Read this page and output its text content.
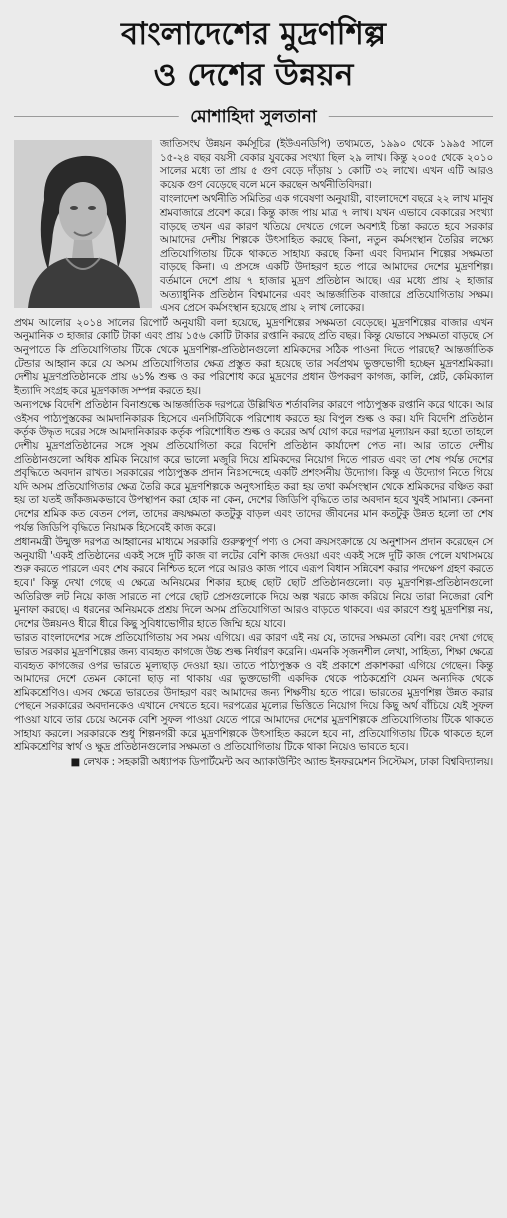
বাংলাদেশের মুদ্রণশিল্প
ও দেশের উন্নয়ন

মোশাহিদা সুলতানা

জাতিসংঘ উন্নয়ন কর্মসূচির (ইউএনডিপি) তথ্যমতে, ১৯৯০ থেকে ১৯৯৫ সালে ১৫-২৪ বছর বয়সী বেকার যুবকের সংখ্যা ছিল ২৯ লাখ। কিন্তু ২০০৫ থেকে ২০১০ সালের মধ্যে তা প্রায় ৫ গুণ বেড়ে দাঁড়ায় ১ কোটি ৩২ লাখে। এখন এটি আরও কয়েক গুণ বেড়েছে বলে মনে করছেন অর্থনীতিবিদরা।

বাংলাদেশ অর্থনীতি সমিতির এক গবেষণা অনুযায়ী, বাংলাদেশে বছরে ২২ লাখ মানুষ শ্রমবাজারে প্রবেশ করে। কিন্তু কাজ পায় মাত্র ৭ লাখ। যখন এভাবে বেকারের সংখ্যা বাড়ছে তখন এর কারণ খতিয়ে দেখতে গেলে অবশ্যই চিন্তা করতে হবে সরকার আমাদের দেশীয় শিল্পকে উৎসাহিত করছে কিনা, নতুন কর্মসংস্থান তৈরির লক্ষ্যে প্রতিযোগিতায় টিকে থাকতে সাহায্য করছে কিনা এবং বিদ্যমান শিল্পের সক্ষমতা বাড়ছে কিনা। এ প্রসঙ্গে একটি উদাহরণ হতে পারে আমাদের দেশের মুদ্রণশিল্প। বর্তমানে দেশে প্রায় ৭ হাজার মুদ্রণ প্রতিষ্ঠান আছে। এর মধ্যে প্রায় ২ হাজার অত্যাধুনিক প্রতিষ্ঠান বিশ্বমানের এবং আন্তর্জাতিক বাজারে প্রতিযোগিতায় সক্ষম। এসব প্রেসে কর্মসংস্থান হয়েছে প্রায় ২ লাখ লোকের।

প্রথম আলোর ২০১৪ সালের রিপোর্ট অনুযায়ী বলা হয়েছে, মুদ্রণশিল্পের সক্ষমতা বেড়েছে। মুদ্রণশিল্পের বাজার এখন অনুমানিক ৩ হাজার কোটি টাকা এবং প্রায় ১৫৬ কোটি টাকার রপ্তানি করছে প্রতি বছর। কিন্তু যেভাবে সক্ষমতা বাড়ছে সে অনুপাতে কি প্রতিযোগিতায় টিকে থেকে মুদ্রণশিল্প-প্রতিষ্ঠানগুলো শ্রমিকদের সঠিক পাওনা দিতে পারছে? আন্তর্জাতিক টেন্ডার আহ্বান করে যে অসম প্রতিযোগিতার ক্ষেত্র প্রস্তুত করা হয়েছে তার সর্বপ্রথম ভুক্তভোগী হচ্ছেন মুদ্রণশ্রমিকরা। দেশীয় মুদ্রণপ্রতিষ্ঠানকে প্রায় ৬১% শুল্ক ও কর পরিশোধ করে মুদ্রণের প্রধান উপকরণ কাগজ, কালি, প্লেট, কেমিক্যাল ইত্যাদি সংগ্রহ করে মুদ্রণকাজ সম্পন্ন করতে হয়।

অন্যপক্ষে বিদেশি প্রতিষ্ঠান বিনাশুল্কে আন্তর্জাতিক দরপত্রে উল্লিখিত শর্তাবলির কারণে পাঠ্যপুস্তক রপ্তানি করে থাকে। আর ওইসব পাঠ্যপুস্তকের আমদানিকারক হিসেবে এনসিটিবিকে পরিশোধ করতে হয় বিপুল শুল্ক ও কর। যদি বিদেশি প্রতিষ্ঠান কর্তৃক উদ্ধৃত দরের সঙ্গে আমদানিকারক কর্তৃক পরিশোধিত শুল্ক ও করের অর্থ যোগ করে দরপত্র মূল্যায়ন করা হতো তাহলে দেশীয় মুদ্রণপ্রতিষ্ঠানের সঙ্গে সুষম প্রতিযোগিতা করে বিদেশি প্রতিষ্ঠান কার্যাদেশ পেত না। আর তাতে দেশীয় প্রতিষ্ঠানগুলো অধিক শ্রমিক নিয়োগ করে ভালো মজুরি দিয়ে শ্রমিকদের নিয়োগ দিতে পারত এবং তা শেষ পর্যন্ত দেশের প্রবৃদ্ধিতে অবদান রাখত। সরকারের পাঠ্যপুস্তক প্রদান নিঃসন্দেহে একটি প্রশংসনীয় উদ্যোগ। কিন্তু এ উদ্যোগ নিতে গিয়ে যদি অসম প্রতিযোগিতার ক্ষেত্র তৈরি করে মুদ্রণশিল্পকে অনুৎসাহিত করা হয় তথা কর্মসংস্থান থেকে শ্রমিকদের বঞ্চিত করা হয় তা যতই জাঁকজমকভাবে উপস্থাপন করা হোক না কেন, দেশের জিডিপি বৃদ্ধিতে তার অবদান হবে খুবই সামান্য। কেননা দেশের শ্রমিক কত বেতন পেল, তাদের ক্রয়ক্ষমতা কতটুকু বাড়ল এবং তাদের জীবনের মান কতটুকু উন্নত হলো তা শেষ পর্যন্ত জিডিপি বৃদ্ধিতে নিয়ামক হিসেবেই কাজ করে।

প্রধানমন্ত্রী উন্মুক্ত দরপত্র আহ্বানের মাধ্যমে সরকারি গুরুত্বপূর্ণ পণ্য ও সেবা ক্রয়সংক্রান্তে যে অনুশাসন প্রদান করেছেন সে অনুযায়ী 'একই প্রতিষ্ঠানের একই সঙ্গে দুটি কাজ বা লটের বেশি কাজ দেওয়া এবং একই সঙ্গে দুটি কাজ পেলে যথাসময়ে শুরু করতে পারলে এবং শেষ করবে নিশ্চিত হলে পরে আরও কাজ পাবে এরূপ বিধান সন্নিবেশ করার পদক্ষেপ গ্রহণ করতে হবে।' কিন্তু দেখা গেছে এ ক্ষেত্রে অনিয়মের শিকার হচ্ছে ছোট ছোট প্রতিষ্ঠানগুলো। বড় মুদ্রণশিল্প-প্রতিষ্ঠানগুলো অতিরিক্ত লট নিয়ে কাজ সারতে না পেরে ছোট প্রেসগুলোকে দিয়ে অল্প খরচে কাজ করিয়ে নিয়ে তারা নিজেরা বেশি মুনাফা করছে। এ ধরনের অনিয়মকে প্রশ্রয় দিলে অসম প্রতিযোগিতা আরও বাড়তে থাকবে। এর কারণে শুধু মুদ্রণশিল্প নয়, দেশের উন্নয়নও ধীরে ধীরে কিছু সুবিধাভোগীর হাতে জিম্মি হয়ে যাবে।

ভারত বাংলাদেশের সঙ্গে প্রতিযোগিতায় সব সময় এগিয়ে। এর কারণ এই নয় যে, তাদের সক্ষমতা বেশি। বরং দেখা গেছে ভারত সরকার মুদ্রণশিল্পের জন্য ব্যবহৃত কাগজে উচ্চ শুল্ক নির্ধারণ করেনি। এমনকি সৃজনশীল লেখা, সাহিত্য, শিক্ষা ক্ষেত্রে ব্যবহৃত কাগজের ওপর ভারতে মূল্যছাড় দেওয়া হয়। তাতে পাঠ্যপুস্তক ও বই প্রকাশে প্রকাশকরা এগিয়ে গেছেন। কিন্তু আমাদের দেশে তেমন কোনো ছাড় না থাকায় এর ভুক্তভোগী একদিক থেকে পাঠকশ্রেণি যেমন অন্যদিক থেকে শ্রমিকশ্রেণিও। এসব ক্ষেত্রে ভারতের উদাহরণ বরং আমাদের জন্য শিক্ষণীয় হতে পারে। ভারতের মুদ্রণশিল্প উন্নত করার পেছনে সরকারের অবদানকেও এখানে দেখতে হবে। দরপত্রের মূল্যের ভিত্তিতে নিয়োগ দিয়ে কিছু অর্থ বাঁচিয়ে যেই সুফল পাওয়া যাবে তার চেয়ে অনেক বেশি সুফল পাওয়া যেতে পারে আমাদের দেশের মুদ্রণশিল্পকে প্রতিযোগিতায় টিকে থাকতে সাহায্য করলে। সরকারকে শুধু শিল্পনগরী করে মুদ্রণশিল্পকে উৎসাহিত করলে হবে না, প্রতিযোগিতায় টিকে থাকতে হলে শ্রমিকশ্রেণির স্বার্থ ও ক্ষুদ্র প্রতিষ্ঠানগুলোর সক্ষমতা ও প্রতিযোগিতায় টিকে থাকা নিয়েও ভাবতে হবে।

■ লেখক : সহকারী অধ্যাপক ডিপার্টমেন্ট অব অ্যাকাউন্টিং অ্যান্ড ইনফরমেশন সিস্টেমস, ঢাকা বিশ্ববিদ্যালয়।
